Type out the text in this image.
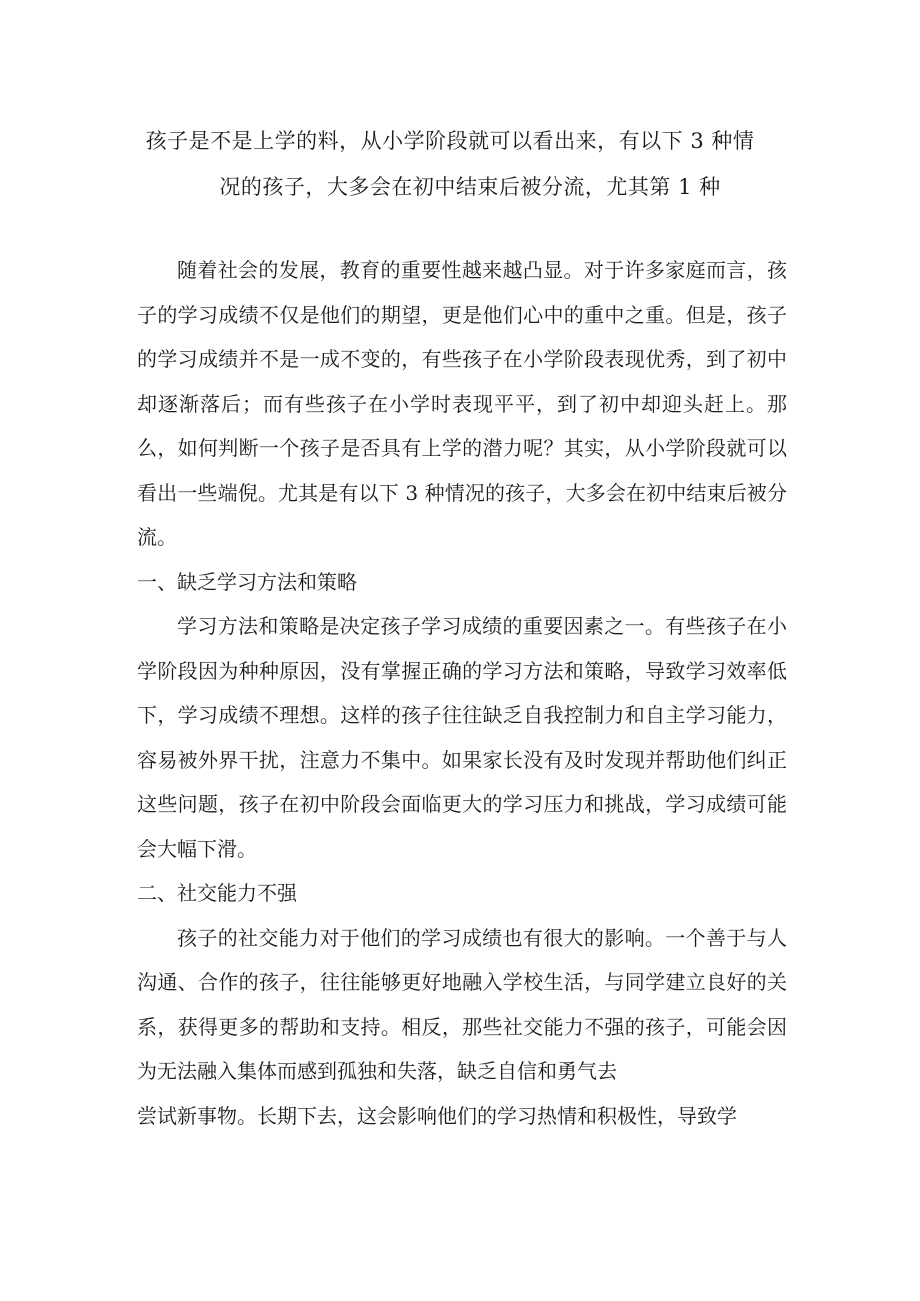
孩子是不是上学的料，从小学阶段就可以看出来，有以下 3 种情
况的孩子，大多会在初中结束后被分流，尤其第 1 种

随着社会的发展，教育的重要性越来越凸显。对于许多家庭而言，孩子的学习成绩不仅是他们的期望，更是他们心中的重中之重。但是，孩子的学习成绩并不是一成不变的，有些孩子在小学阶段表现优秀，到了初中却逐渐落后；而有些孩子在小学时表现平平，到了初中却迎头赶上。那么，如何判断一个孩子是否具有上学的潜力呢？其实，从小学阶段就可以看出一些端倪。尤其是有以下 3 种情况的孩子，大多会在初中结束后被分流。

一、缺乏学习方法和策略

学习方法和策略是决定孩子学习成绩的重要因素之一。有些孩子在小学阶段因为种种原因，没有掌握正确的学习方法和策略，导致学习效率低下，学习成绩不理想。这样的孩子往往缺乏自我控制力和自主学习能力，容易被外界干扰，注意力不集中。如果家长没有及时发现并帮助他们纠正这些问题，孩子在初中阶段会面临更大的学习压力和挑战，学习成绩可能会大幅下滑。

二、社交能力不强

孩子的社交能力对于他们的学习成绩也有很大的影响。一个善于与人沟通、合作的孩子，往往能够更好地融入学校生活，与同学建立良好的关系，获得更多的帮助和支持。相反，那些社交能力不强的孩子，可能会因为无法融入集体而感到孤独和失落，缺乏自信和勇气去

尝试新事物。长期下去，这会影响他们的学习热情和积极性，导致学
